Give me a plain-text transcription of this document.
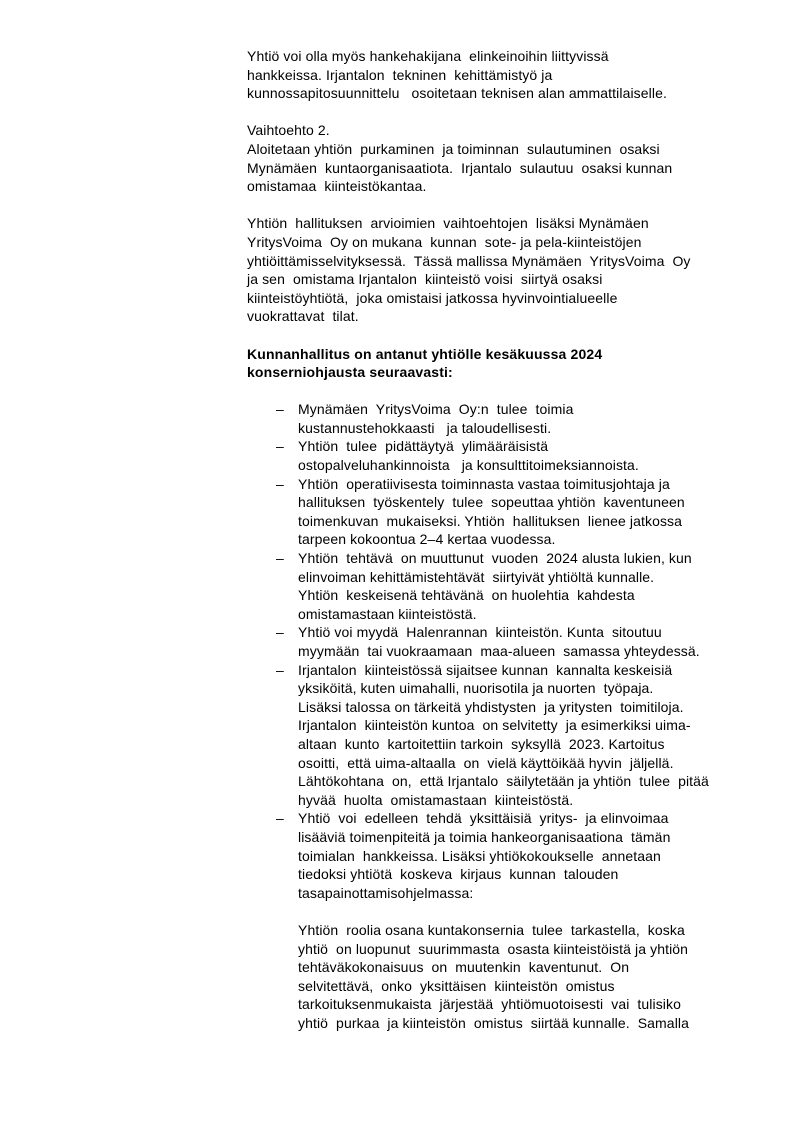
Yhtiö voi olla myös hankehakijana  elinkeinoihin liittyvissä
hankkeissa. Irjantalon  tekninen  kehittämistyö ja
kunnossapitosuunnittelu   osoitetaan teknisen alan ammattilaiselle.
Vaihtoehto 2.
Aloitetaan yhtiön  purkaminen  ja toiminnan  sulautuminen  osaksi
Mynämäen  kuntaorganisaatiota.  Irjantalo  sulautuu  osaksi kunnan
omistamaa  kiinteistökantaa.
Yhtiön  hallituksen  arvioimien  vaihtoehtojen  lisäksi Mynämäen
YritysVoima  Oy on mukana  kunnan  sote- ja pela-kiinteistöjen
yhtiöittämisselvityksessä.  Tässä mallissa Mynämäen  YritysVoima  Oy
ja sen  omistama Irjantalon  kiinteistö voisi  siirtyä osaksi
kiinteistöyhtiötä,  joka omistaisi jatkossa hyvinvointialueelle
vuokrattavat  tilat.
Kunnanhallitus on antanut yhtiölle kesäkuussa 2024
konserniohjausta seuraavasti:
– Mynämäen  YritysVoima  Oy:n  tulee  toimia
kustannustehokkaasti   ja taloudellisesti.
– Yhtiön  tulee  pidättäytyä  ylimääräisistä
ostopalveluhankinnoista   ja konsulttitoimeksiannoista.
– Yhtiön  operatiivisesta toiminnasta vastaa toimitusjohtaja ja
hallituksen  työskentely  tulee  sopeuttaa yhtiön  kaventuneen
toimenkuvan  mukaiseksi. Yhtiön  hallituksen  lienee jatkossa
tarpeen kokoontua 2–4 kertaa vuodessa.
– Yhtiön  tehtävä  on muuttunut  vuoden  2024 alusta lukien, kun
elinvoiman kehittämistehtävät  siirtyivät yhtiöltä kunnalle.
Yhtiön  keskeisenä tehtävänä  on huolehtia  kahdesta
omistamastaan kiinteistöstä.
– Yhtiö voi myydä  Halenrannan  kiinteistön. Kunta  sitoutuu
myymään  tai vuokraamaan  maa-alueen  samassa yhteydessä.
– Irjantalon  kiinteistössä sijaitsee kunnan  kannalta keskeisiä
yksiköitä, kuten uimahalli, nuorisotila ja nuorten  työpaja.
Lisäksi talossa on tärkeitä yhdistysten  ja yritysten  toimitiloja.
Irjantalon  kiinteistön kuntoa  on selvitetty  ja esimerkiksi uima-
altaan  kunto  kartoitettiin tarkoin  syksyllä  2023. Kartoitus
osoitti,  että uima-altaalla  on  vielä käyttöikää hyvin  jäljellä.
Lähtökohtana  on,  että Irjantalo  säilytetään ja yhtiön  tulee  pitää
hyvää  huolta  omistamastaan  kiinteistöstä.
– Yhtiö  voi  edelleen  tehdä  yksittäisiä  yritys-  ja elinvoimaa
lisääviä toimenpiteitä ja toimia hankeorganisaationa  tämän
toimialan  hankkeissa. Lisäksi yhtiökokoukselle  annetaan
tiedoksi yhtiötä  koskeva  kirjaus  kunnan  talouden
tasapainottamisohjelmassa:
Yhtiön  roolia osana kuntakonsernia  tulee  tarkastella,  koska
yhtiö  on luopunut  suurimmasta  osasta kiinteistöistä ja yhtiön
tehtäväkokonaisuus  on  muutenkin  kaventunut.  On
selvitettävä,  onko  yksittäisen  kiinteistön  omistus
tarkoituksenmukaista  järjestää  yhtiömuotoisesti  vai  tulisiko
yhtiö  purkaa  ja kiinteistön  omistus  siirtää kunnalle.  Samalla
